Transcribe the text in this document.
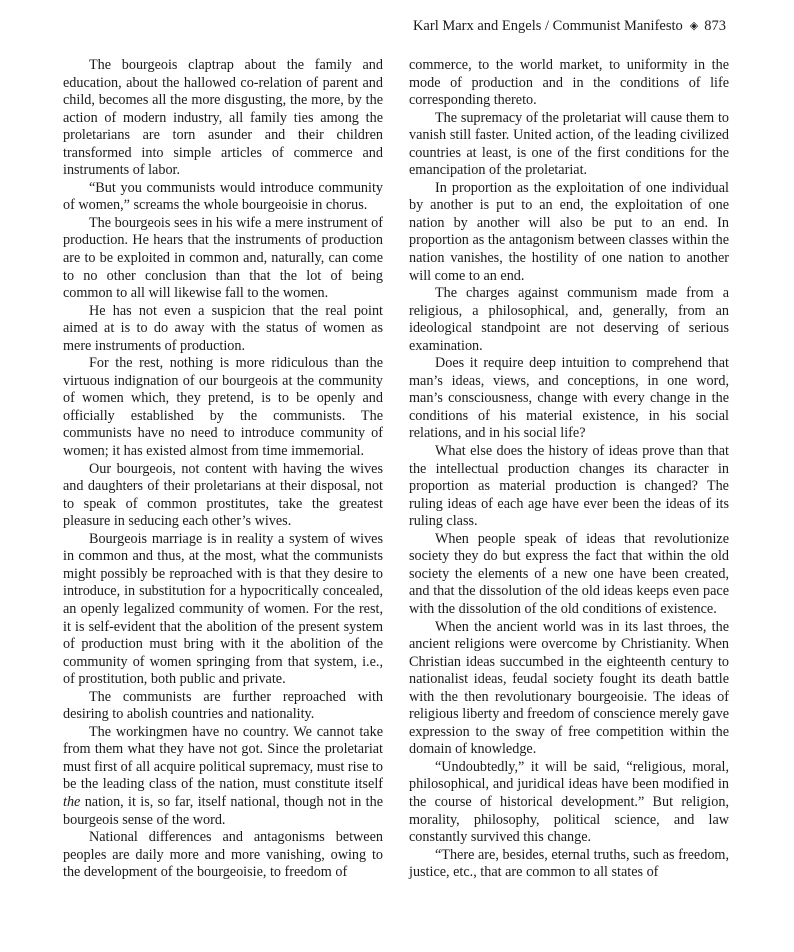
Karl Marx and Engels / Communist Manifesto ◈ 873

The bourgeois claptrap about the family and education, about the hallowed co-relation of parent and child, becomes all the more disgusting, the more, by the action of modern industry, all family ties among the proletarians are torn asunder and their children transformed into simple articles of commerce and instruments of labor.

“But you communists would introduce community of women,” screams the whole bourgeoisie in chorus.

The bourgeois sees in his wife a mere instrument of production. He hears that the instruments of production are to be exploited in common and, naturally, can come to no other conclusion than that the lot of being common to all will likewise fall to the women.

He has not even a suspicion that the real point aimed at is to do away with the status of women as mere instruments of production.

For the rest, nothing is more ridiculous than the virtuous indignation of our bourgeois at the community of women which, they pretend, is to be openly and officially established by the communists. The communists have no need to introduce community of women; it has existed almost from time immemorial.

Our bourgeois, not content with having the wives and daughters of their proletarians at their disposal, not to speak of common prostitutes, take the greatest pleasure in seducing each other’s wives.

Bourgeois marriage is in reality a system of wives in common and thus, at the most, what the communists might possibly be reproached with is that they desire to introduce, in substitution for a hypocritically concealed, an openly legalized community of women. For the rest, it is self-evident that the abolition of the present system of production must bring with it the abolition of the community of women springing from that system, i.e., of prostitution, both public and private.

The communists are further reproached with desiring to abolish countries and nationality.

The workingmen have no country. We cannot take from them what they have not got. Since the proletariat must first of all acquire political supremacy, must rise to be the leading class of the nation, must constitute itself the nation, it is, so far, itself national, though not in the bourgeois sense of the word.

National differences and antagonisms between peoples are daily more and more vanishing, owing to the development of the bourgeoisie, to freedom of

commerce, to the world market, to uniformity in the mode of production and in the conditions of life corresponding thereto.

The supremacy of the proletariat will cause them to vanish still faster. United action, of the leading civilized countries at least, is one of the first conditions for the emancipation of the proletariat.

In proportion as the exploitation of one individual by another is put to an end, the exploitation of one nation by another will also be put to an end. In proportion as the antagonism between classes within the nation vanishes, the hostility of one nation to another will come to an end.

The charges against communism made from a religious, a philosophical, and, generally, from an ideological standpoint are not deserving of serious examination.

Does it require deep intuition to comprehend that man’s ideas, views, and conceptions, in one word, man’s consciousness, change with every change in the conditions of his material existence, in his social relations, and in his social life?

What else does the history of ideas prove than that the intellectual production changes its character in proportion as material production is changed? The ruling ideas of each age have ever been the ideas of its ruling class.

When people speak of ideas that revolutionize society they do but express the fact that within the old society the elements of a new one have been created, and that the dissolution of the old ideas keeps even pace with the dissolution of the old conditions of existence.

When the ancient world was in its last throes, the ancient religions were overcome by Christianity. When Christian ideas succumbed in the eighteenth century to nationalist ideas, feudal society fought its death battle with the then revolutionary bourgeoisie. The ideas of religious liberty and freedom of conscience merely gave expression to the sway of free competition within the domain of knowledge.

“Undoubtedly,” it will be said, “religious, moral, philosophical, and juridical ideas have been modified in the course of historical development.” But religion, morality, philosophy, political science, and law constantly survived this change.

“There are, besides, eternal truths, such as freedom, justice, etc., that are common to all states of
